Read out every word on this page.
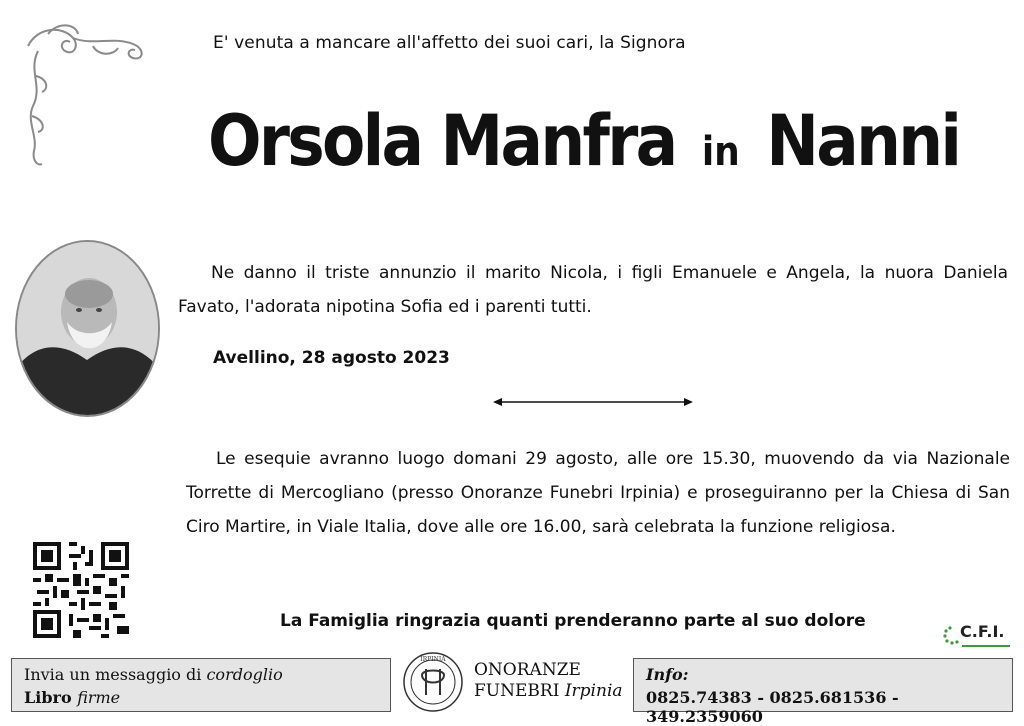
E' venuta a mancare all'affetto dei suoi cari, la Signora
Orsola Manfra in Nanni
Ne danno il triste annunzio il marito Nicola, i figli Emanuele e Angela, la nuora Daniela Favato, l'adorata nipotina Sofia ed i parenti tutti.
Avellino, 28 agosto 2023
Le esequie avranno luogo domani 29 agosto, alle ore 15.30, muovendo da via Nazionale Torrette di Mercogliano (presso Onoranze Funebri Irpinia) e proseguiranno per la Chiesa di San Ciro Martire, in Viale Italia, dove alle ore 16.00, sarà celebrata la funzione religiosa.
La Famiglia ringrazia quanti prenderanno parte al suo dolore
C.F.I.
Invia un messaggio di cordoglio
Libro firme
IRPINIA
ONORANZE
FUNEBRI Irpinia
Info:
0825.74383 - 0825.681536 - 349.2359060
